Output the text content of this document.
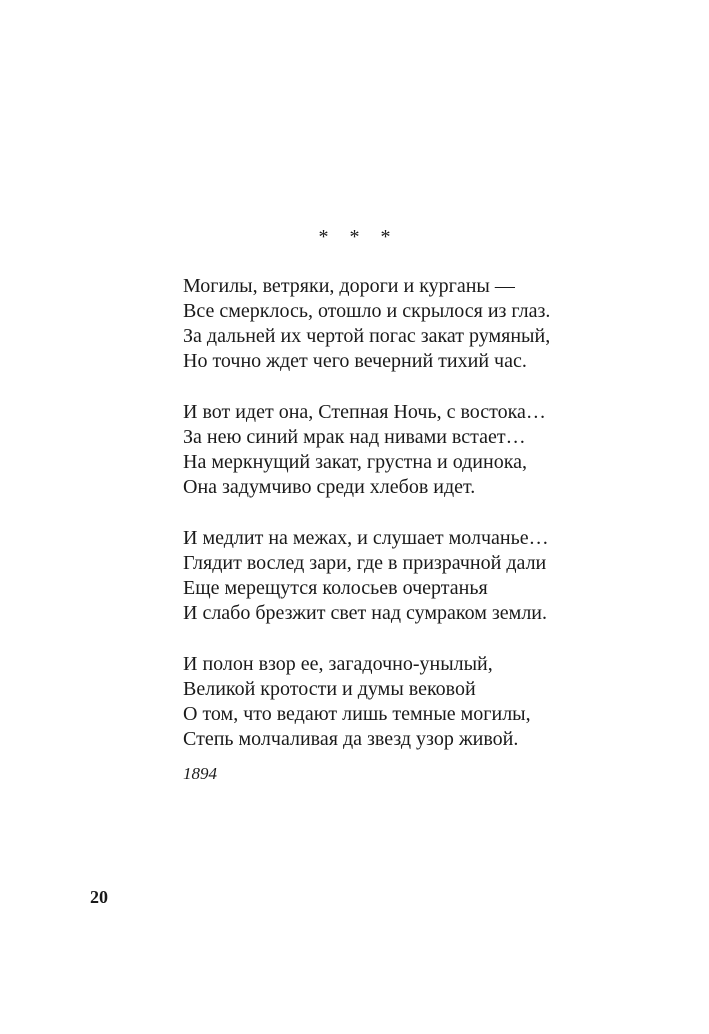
* * *
Могилы, ветряки, дороги и курганы —
Все смерклось, отошло и скрылося из глаз.
За дальней их чертой погас закат румяный,
Но точно ждет чего вечерний тихий час.
И вот идет она, Степная Ночь, с востока…
За нею синий мрак над нивами встает…
На меркнущий закат, грустна и одинока,
Она задумчиво среди хлебов идет.
И медлит на межах, и слушает молчанье…
Глядит вослед зари, где в призрачной дали
Еще мерещутся колосьев очертанья
И слабо брезжит свет над сумраком земли.
И полон взор ее, загадочно-унылый,
Великой кротости и думы вековой
О том, что ведают лишь темные могилы,
Степь молчаливая да звезд узор живой.
1894
20
